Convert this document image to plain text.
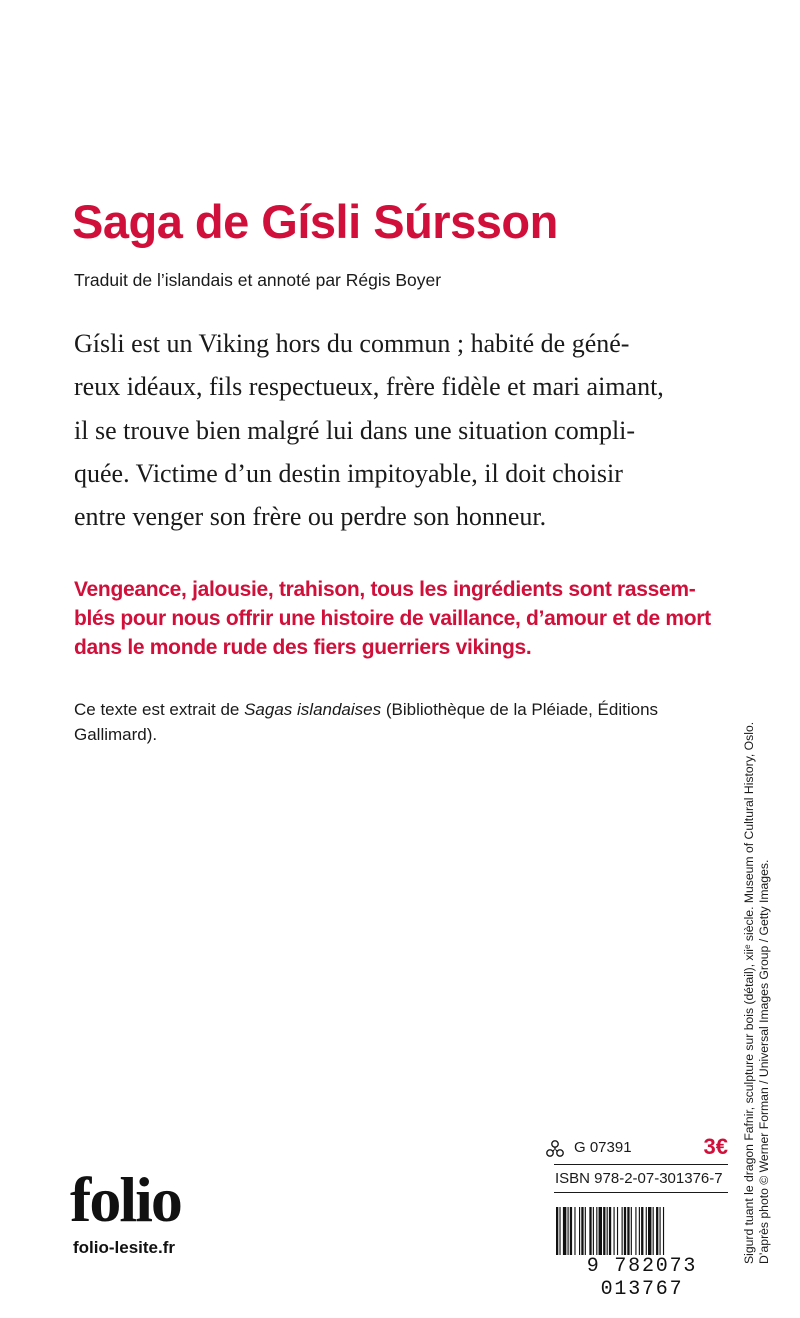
Saga de Gísli Súrsson
Traduit de l’islandais et annoté par Régis Boyer
Gísli est un Viking hors du commun ; habité de géné-
reux idéaux, fils respectueux, frère fidèle et mari aimant,
il se trouve bien malgré lui dans une situation compli-
quée. Victime d’un destin impitoyable, il doit choisir
entre venger son frère ou perdre son honneur.
Vengeance, jalousie, trahison, tous les ingrédients sont rassem-
blés pour nous offrir une histoire de vaillance, d’amour et de mort
dans le monde rude des fiers guerriers vikings.
Ce texte est extrait de Sagas islandaises (Bibliothèque de la Pléiade, Éditions
Gallimard).
folio
folio-lesite.fr
G 07391	3€
ISBN 978-2-07-301376-7
9 782073 013767
Sigurd tuant le dragon Fafnir, sculpture sur bois (détail), xiiᵉ siècle. Museum of Cultural History, Oslo. D’après photo © Werner Forman / Universal Images Group / Getty Images.
